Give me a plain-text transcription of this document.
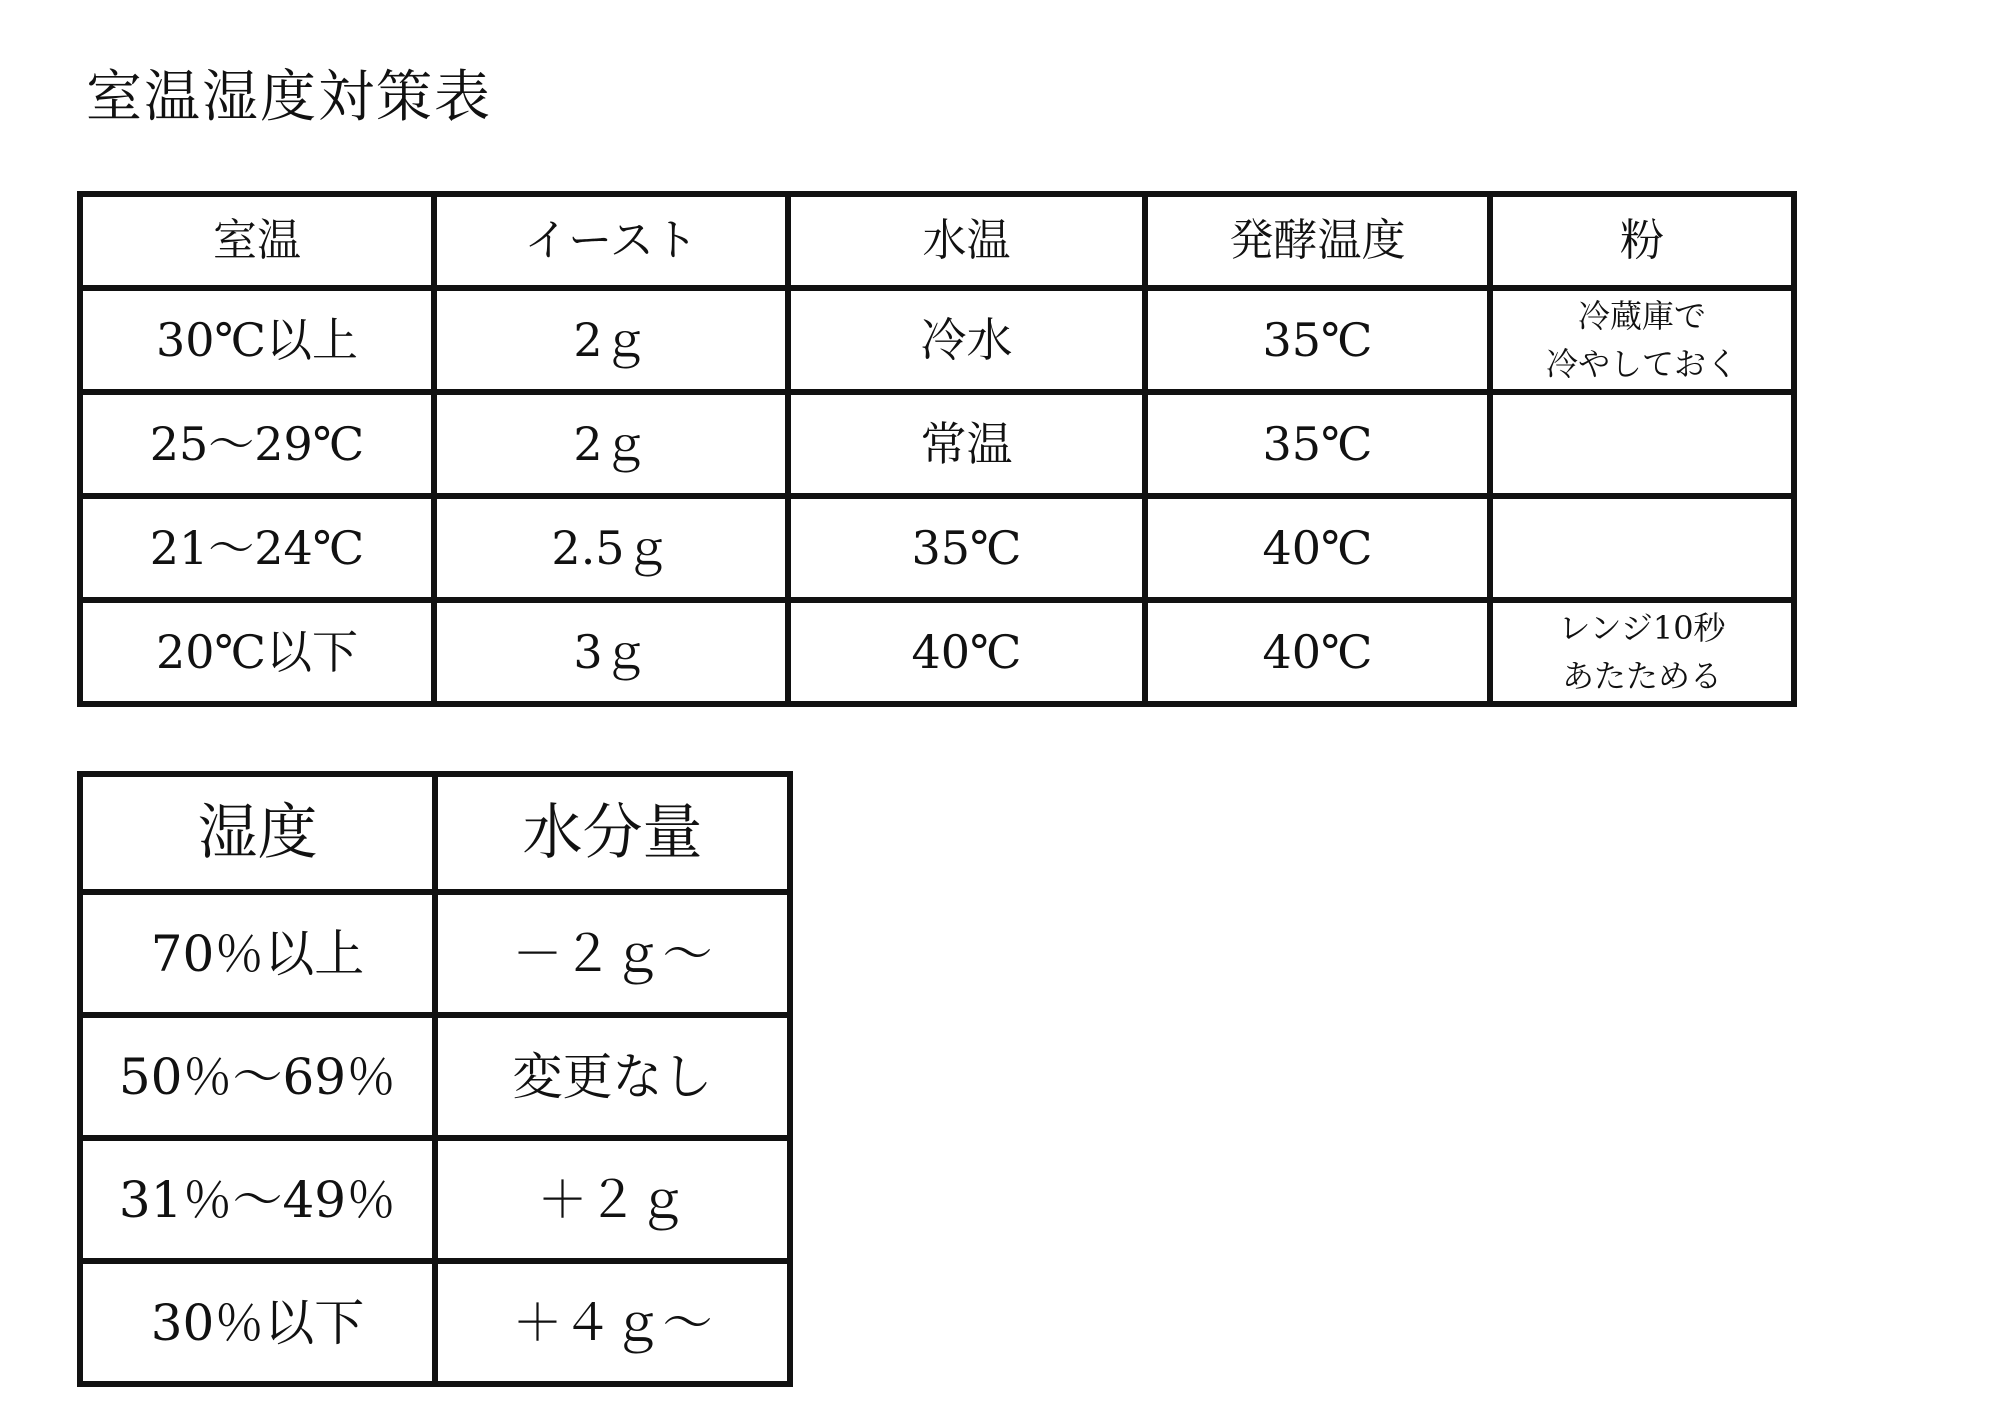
室温湿度対策表
室温	イースト	水温	発酵温度	粉
30℃以上	2ｇ	冷水	35℃	冷蔵庫で
冷やしておく

25～29℃	2ｇ	常温	35℃	

21～24℃	2.5ｇ	35℃	40℃	

20℃以下	3ｇ	40℃	40℃	レンジ10秒
あたためる
湿度	水分量
70％以上	－２ｇ～
50％～69％	変更なし
31％～49％	＋２ｇ
30％以下	＋４ｇ～
